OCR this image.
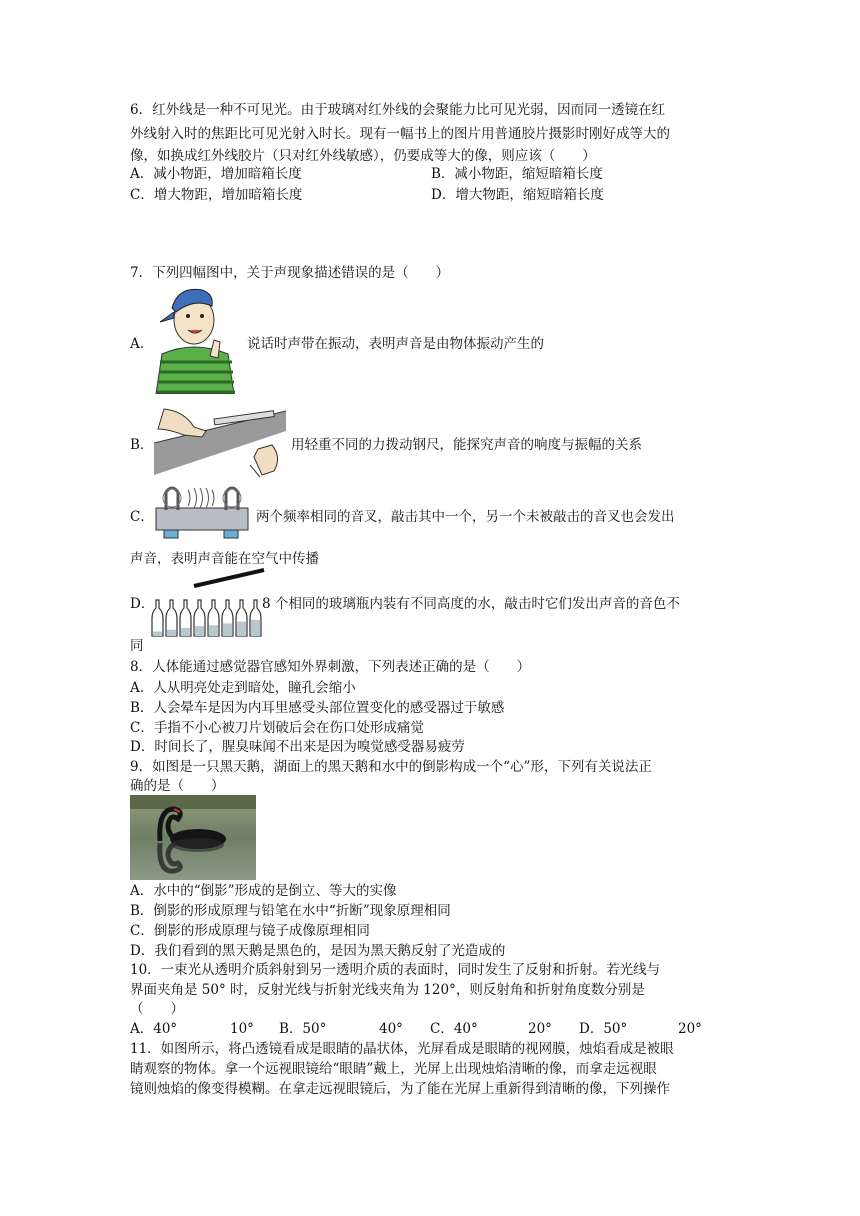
6．红外线是一种不可见光。由于玻璃对红外线的会聚能力比可见光弱，因而同一透镜在红
外线射入时的焦距比可见光射入时长。现有一幅书上的图片用普通胶片摄影时刚好成等大的
像，如换成红外线胶片（只对红外线敏感），仍要成等大的像，则应该（　　）
A．减小物距，增加暗箱长度	B．减小物距，缩短暗箱长度
C．增大物距，增加暗箱长度	D．增大物距，缩短暗箱长度
7．下列四幅图中，关于声现象描述错误的是（　　）
A．	说话时声带在振动，表明声音是由物体振动产生的
B．	用轻重不同的力拨动钢尺，能探究声音的响度与振幅的关系
C．	两个频率相同的音叉，敲击其中一个，另一个未被敲击的音叉也会发出
声音，表明声音能在空气中传播
D．	8 个相同的玻璃瓶内装有不同高度的水，敲击时它们发出声音的音色不
同
8．人体能通过感觉器官感知外界刺激，下列表述正确的是（　　）
A．人从明亮处走到暗处，瞳孔会缩小
B．人会晕车是因为内耳里感受头部位置变化的感受器过于敏感
C．手指不小心被刀片划破后会在伤口处形成痛觉
D．时间长了，腥臭味闻不出来是因为嗅觉感受器易疲劳
9．如图是一只黑天鹅，湖面上的黑天鹅和水中的倒影构成一个“心”形，下列有关说法正
确的是（　　）
A．水中的“倒影”形成的是倒立、等大的实像
B．倒影的形成原理与铅笔在水中“折断”现象原理相同
C．倒影的形成原理与镜子成像原理相同
D．我们看到的黑天鹅是黑色的，是因为黑天鹅反射了光造成的
10．一束光从透明介质斜射到另一透明介质的表面时，同时发生了反射和折射。若光线与
界面夹角是 50° 时，反射光线与折射光线夹角为 120°，则反射角和折射角度数分别是
（　　）
A．40°	10° B．50°	40° C．40°	20° D．50°	20°
11．如图所示，将凸透镜看成是眼睛的晶状体，光屏看成是眼睛的视网膜，烛焰看成是被眼
睛观察的物体。拿一个远视眼镜给“眼睛”戴上，光屏上出现烛焰清晰的像，而拿走远视眼
镜则烛焰的像变得模糊。在拿走远视眼镜后，为了能在光屏上重新得到清晰的像，下列操作
